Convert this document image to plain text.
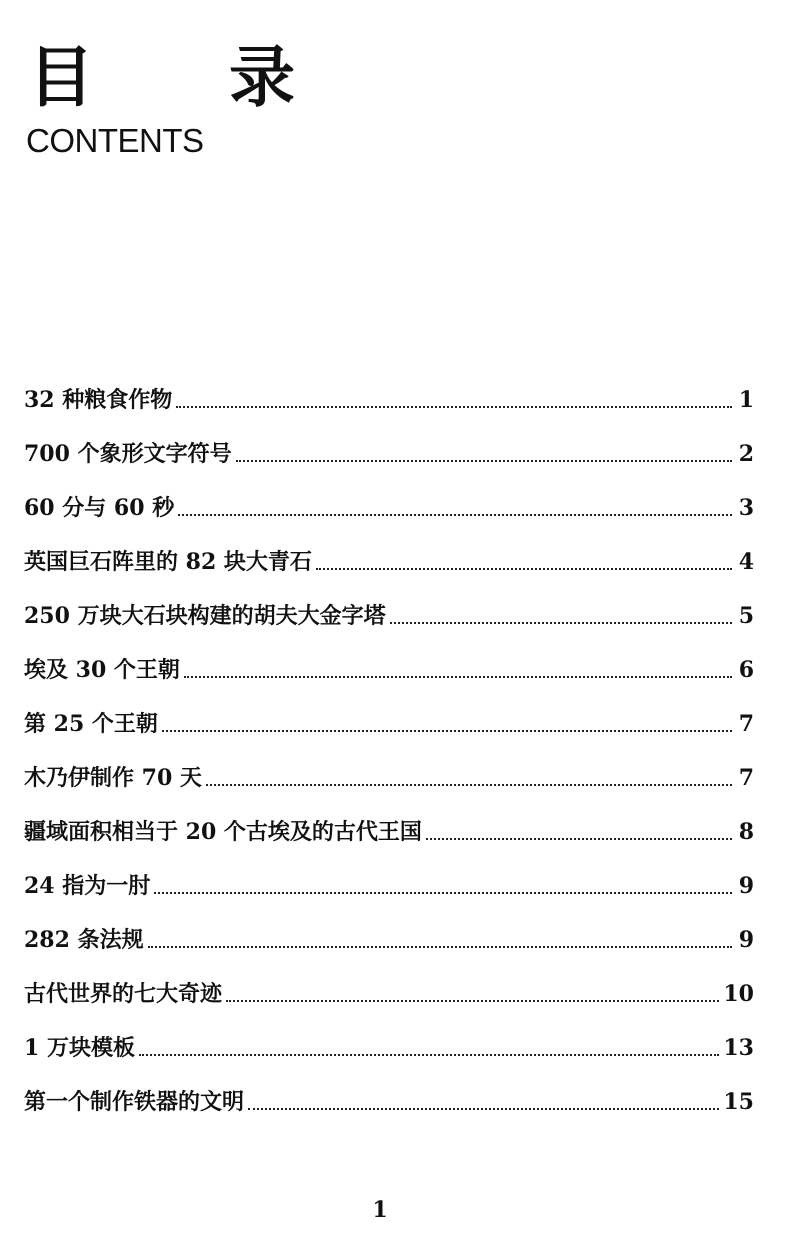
目 录
CONTENTS
32 种粮食作物	1
700 个象形文字符号	2
60 分与 60 秒	3
英国巨石阵里的 82 块大青石	4
250 万块大石块构建的胡夫大金字塔	5
埃及 30 个王朝	6
第 25 个王朝	7
木乃伊制作 70 天	7
疆域面积相当于 20 个古埃及的古代王国	8
24 指为一肘	9
282 条法规	9
古代世界的七大奇迹	10
1 万块模板	13
第一个制作铁器的文明	15
1
